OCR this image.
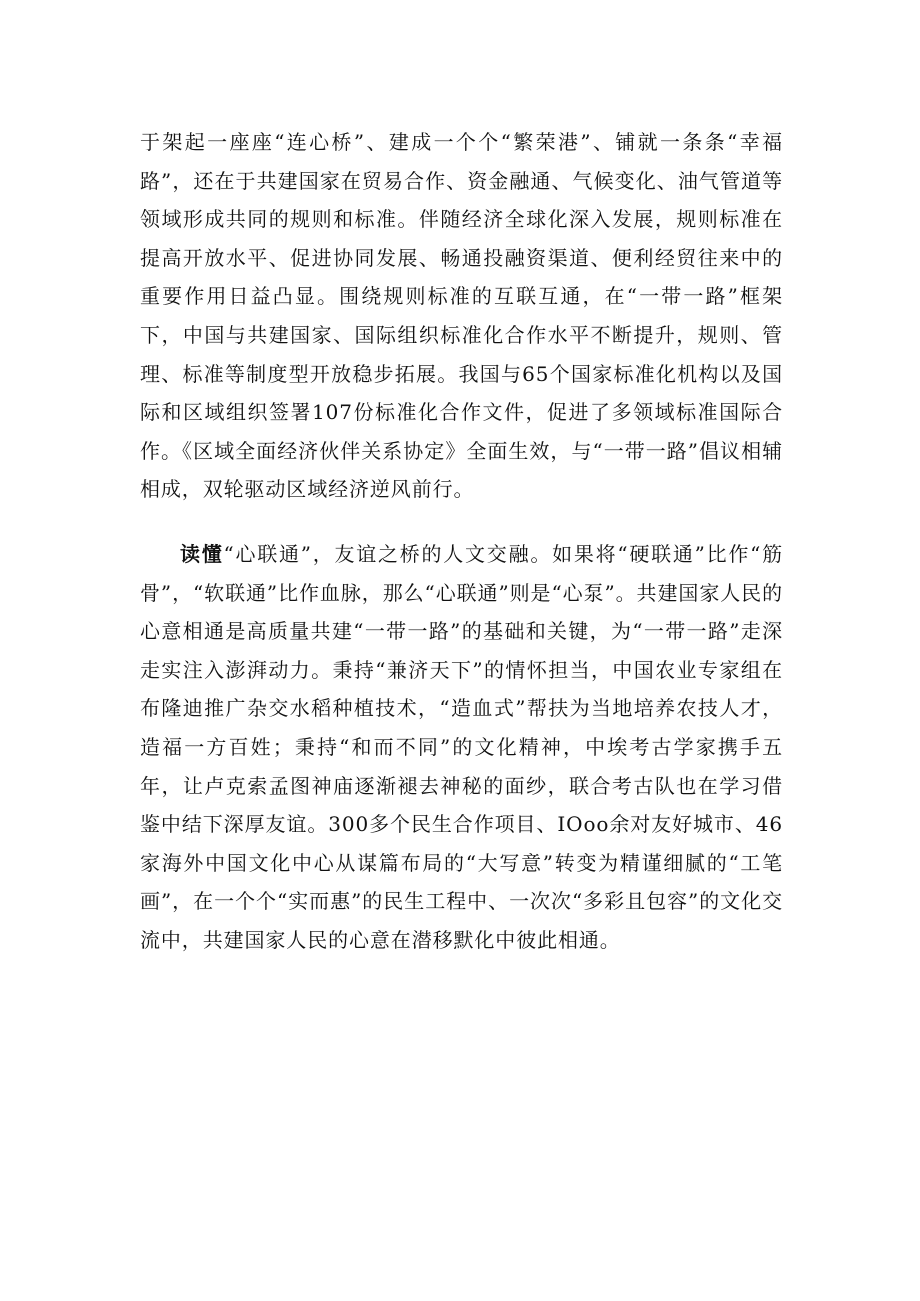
于架起一座座“连心桥”、建成一个个“繁荣港”、铺就一条条“幸福路”，还在于共建国家在贸易合作、资金融通、气候变化、油气管道等领域形成共同的规则和标准。伴随经济全球化深入发展，规则标准在提高开放水平、促进协同发展、畅通投融资渠道、便利经贸往来中的重要作用日益凸显。围绕规则标准的互联互通，在“一带一路”框架下，中国与共建国家、国际组织标准化合作水平不断提升，规则、管理、标准等制度型开放稳步拓展。我国与65个国家标准化机构以及国际和区域组织签署107份标准化合作文件，促进了多领域标准国际合作。《区域全面经济伙伴关系协定》全面生效，与“一带一路”倡议相辅相成，双轮驱动区域经济逆风前行。

读懂“心联通”，友谊之桥的人文交融。如果将“硬联通”比作“筋骨”，“软联通”比作血脉，那么“心联通”则是“心泵”。共建国家人民的心意相通是高质量共建“一带一路”的基础和关键，为“一带一路”走深走实注入澎湃动力。秉持“兼济天下”的情怀担当，中国农业专家组在布隆迪推广杂交水稻种植技术，“造血式”帮扶为当地培养农技人才，造福一方百姓；秉持“和而不同”的文化精神，中埃考古学家携手五年，让卢克索孟图神庙逐渐褪去神秘的面纱，联合考古队也在学习借鉴中结下深厚友谊。300多个民生合作项目、IOoo余对友好城市、46家海外中国文化中心从谋篇布局的“大写意”转变为精谨细腻的“工笔画”，在一个个“实而惠”的民生工程中、一次次“多彩且包容”的文化交流中，共建国家人民的心意在潜移默化中彼此相通。
